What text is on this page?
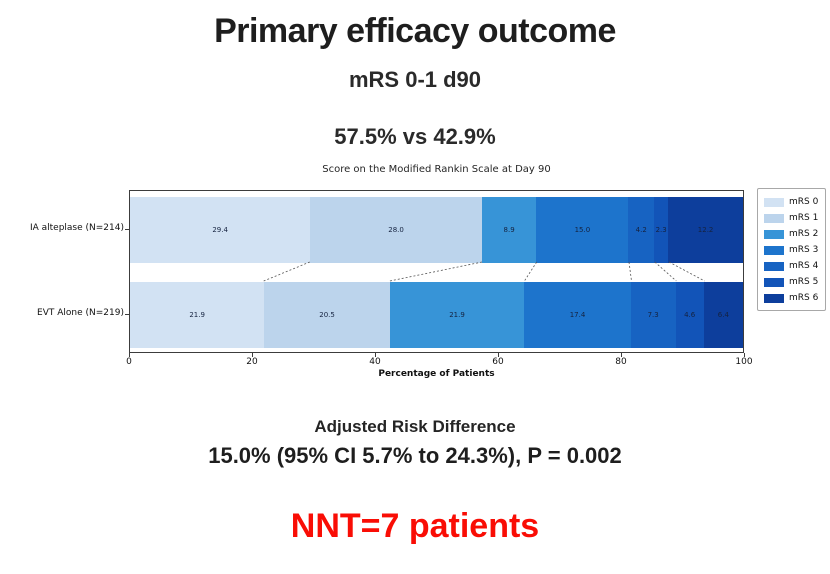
Primary efficacy outcome
mRS 0-1 d90
57.5% vs 42.9%
Score on the Modified Rankin Scale at Day 90
29.4	28.0	8.9	15.0	4.2 2.3	12.2
21.9	20.5	21.9	17.4	7.3	4.6	6.4
IA alteplase (N=214)
EVT Alone (N=219)
0	20	40	60	80	100
Percentage of Patients
mRS 0
mRS 1
mRS 2
mRS 3
mRS 4
mRS 5
mRS 6
Adjusted Risk Difference
15.0% (95% CI 5.7% to 24.3%), P = 0.002
NNT=7 patients
